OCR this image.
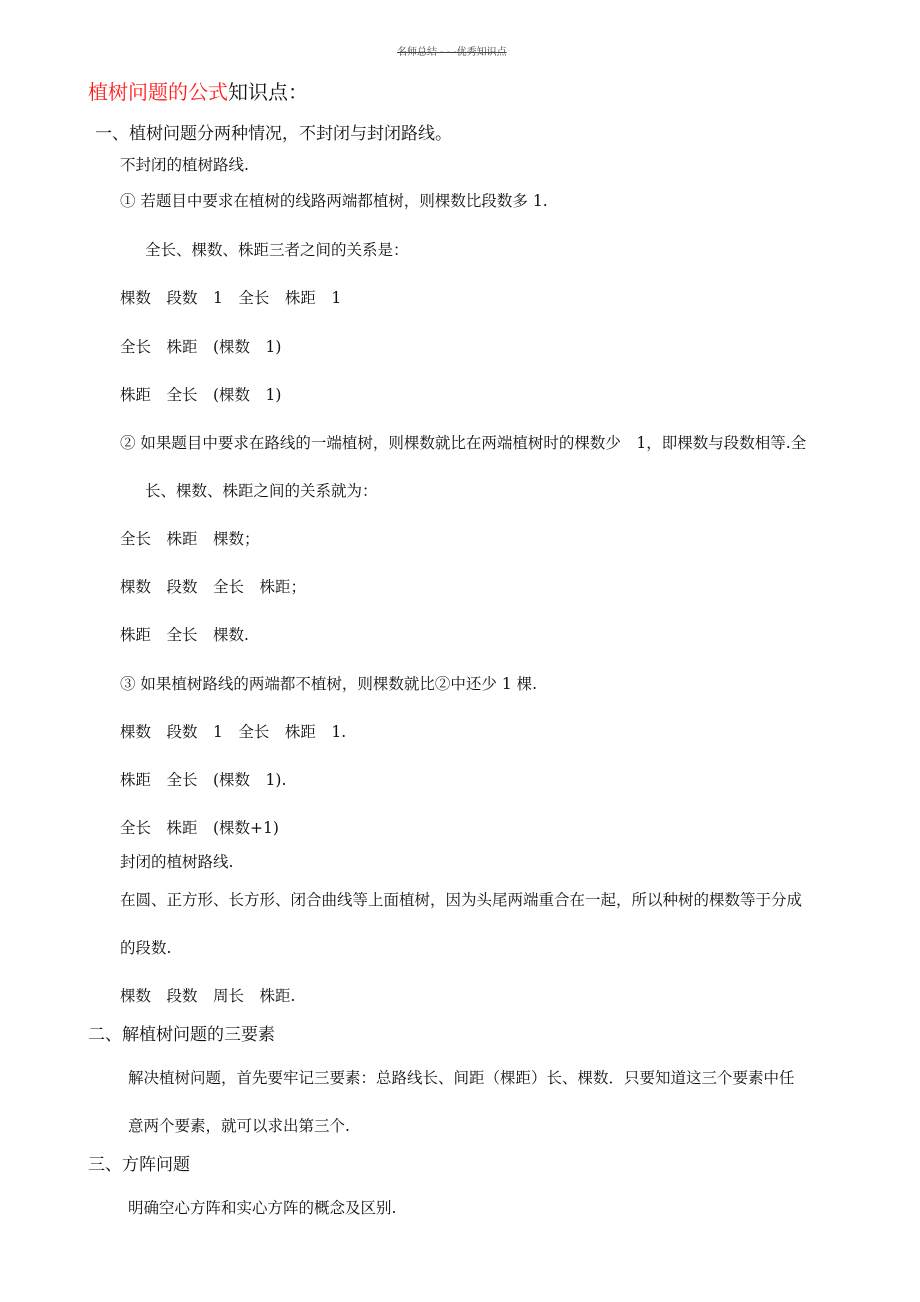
名师总结 - - -优秀知识点
植树问题的公式知识点：
一、植树问题分两种情况，不封闭与封闭路线。
不封闭的植树路线.
① 若题目中要求在植树的线路两端都植树，则棵数比段数多 1.
全长、棵数、株距三者之间的关系是：
棵数　段数　1　全长　株距　1
全长　株距　(棵数　1)
株距　全长　(棵数　1)
② 如果题目中要求在路线的一端植树，则棵数就比在两端植树时的棵数少　1，即棵数与段数相等.全
长、棵数、株距之间的关系就为：
全长　株距　棵数；
棵数　段数　全长　株距；
株距　全长　棵数.
③ 如果植树路线的两端都不植树，则棵数就比②中还少 1 棵.
棵数　段数　1　全长　株距　1.
株距　全长　(棵数　1).
全长　株距　(棵数+1)
封闭的植树路线.
在圆、正方形、长方形、闭合曲线等上面植树，因为头尾两端重合在一起，所以种树的棵数等于分成
的段数.
棵数　段数　周长　株距.
二、解植树问题的三要素
解决植树问题，首先要牢记三要素：总路线长、间距（棵距）长、棵数．只要知道这三个要素中任
意两个要素，就可以求出第三个.
三、方阵问题
明确空心方阵和实心方阵的概念及区别.
